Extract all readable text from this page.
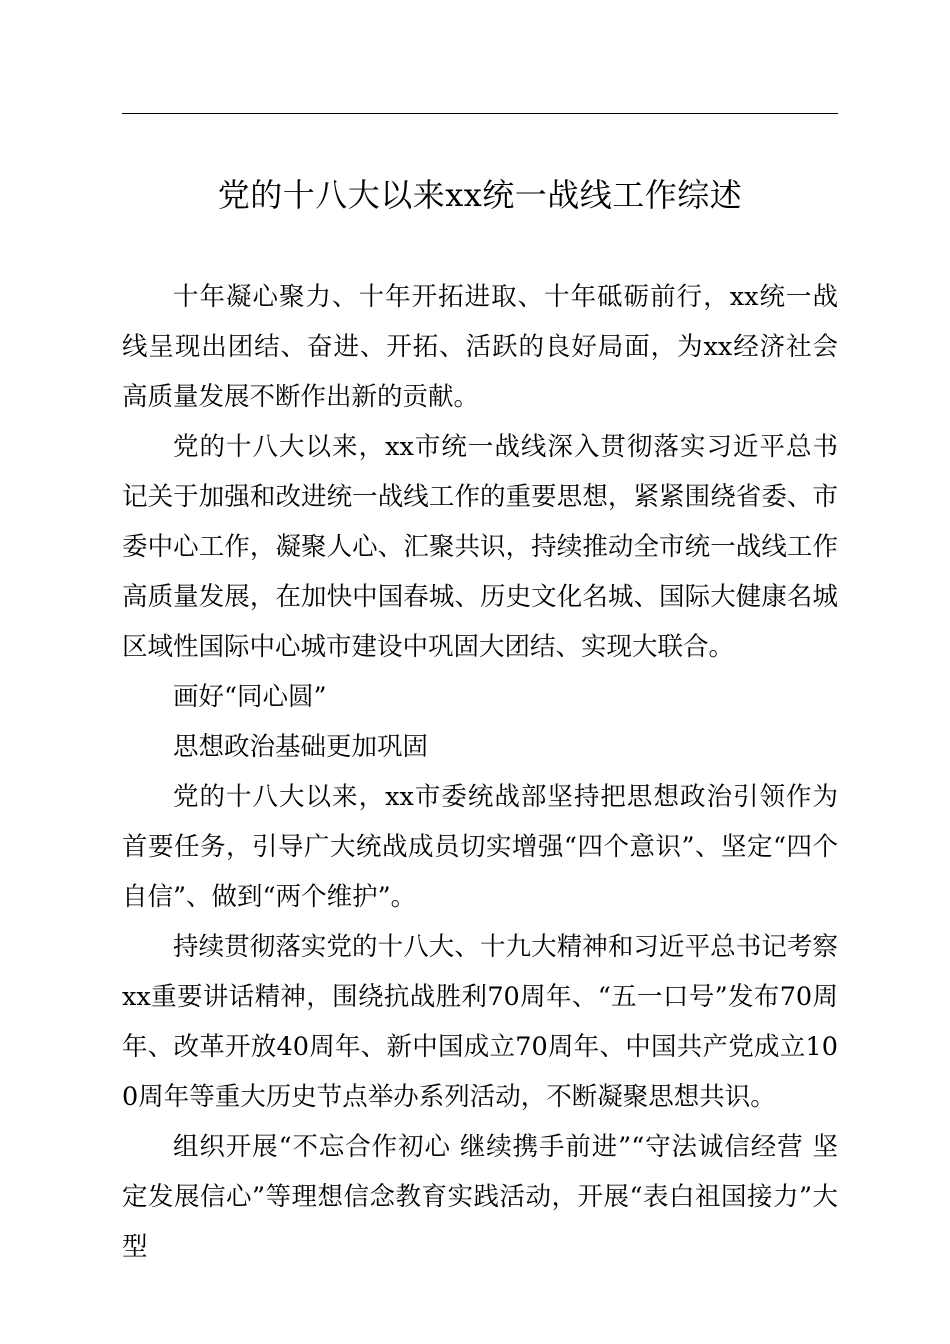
党的十八大以来xx统一战线工作综述

十年凝心聚力、十年开拓进取、十年砥砺前行，xx统一战线呈现出团结、奋进、开拓、活跃的良好局面，为xx经济社会高质量发展不断作出新的贡献。

党的十八大以来，xx市统一战线深入贯彻落实习近平总书记关于加强和改进统一战线工作的重要思想，紧紧围绕省委、市委中心工作，凝聚人心、汇聚共识，持续推动全市统一战线工作高质量发展，在加快中国春城、历史文化名城、国际大健康名城区域性国际中心城市建设中巩固大团结、实现大联合。

画好“同心圆”

思想政治基础更加巩固

党的十八大以来，xx市委统战部坚持把思想政治引领作为首要任务，引导广大统战成员切实增强“四个意识”、坚定“四个自信”、做到“两个维护”。

持续贯彻落实党的十八大、十九大精神和习近平总书记考察xx重要讲话精神，围绕抗战胜利70周年、“五一口号”发布70周年、改革开放40周年、新中国成立70周年、中国共产党成立100周年等重大历史节点举办系列活动，不断凝聚思想共识。

组织开展“不忘合作初心 继续携手前进”“守法诚信经营 坚定发展信心”等理想信念教育实践活动，开展“表白祖国接力”大型
